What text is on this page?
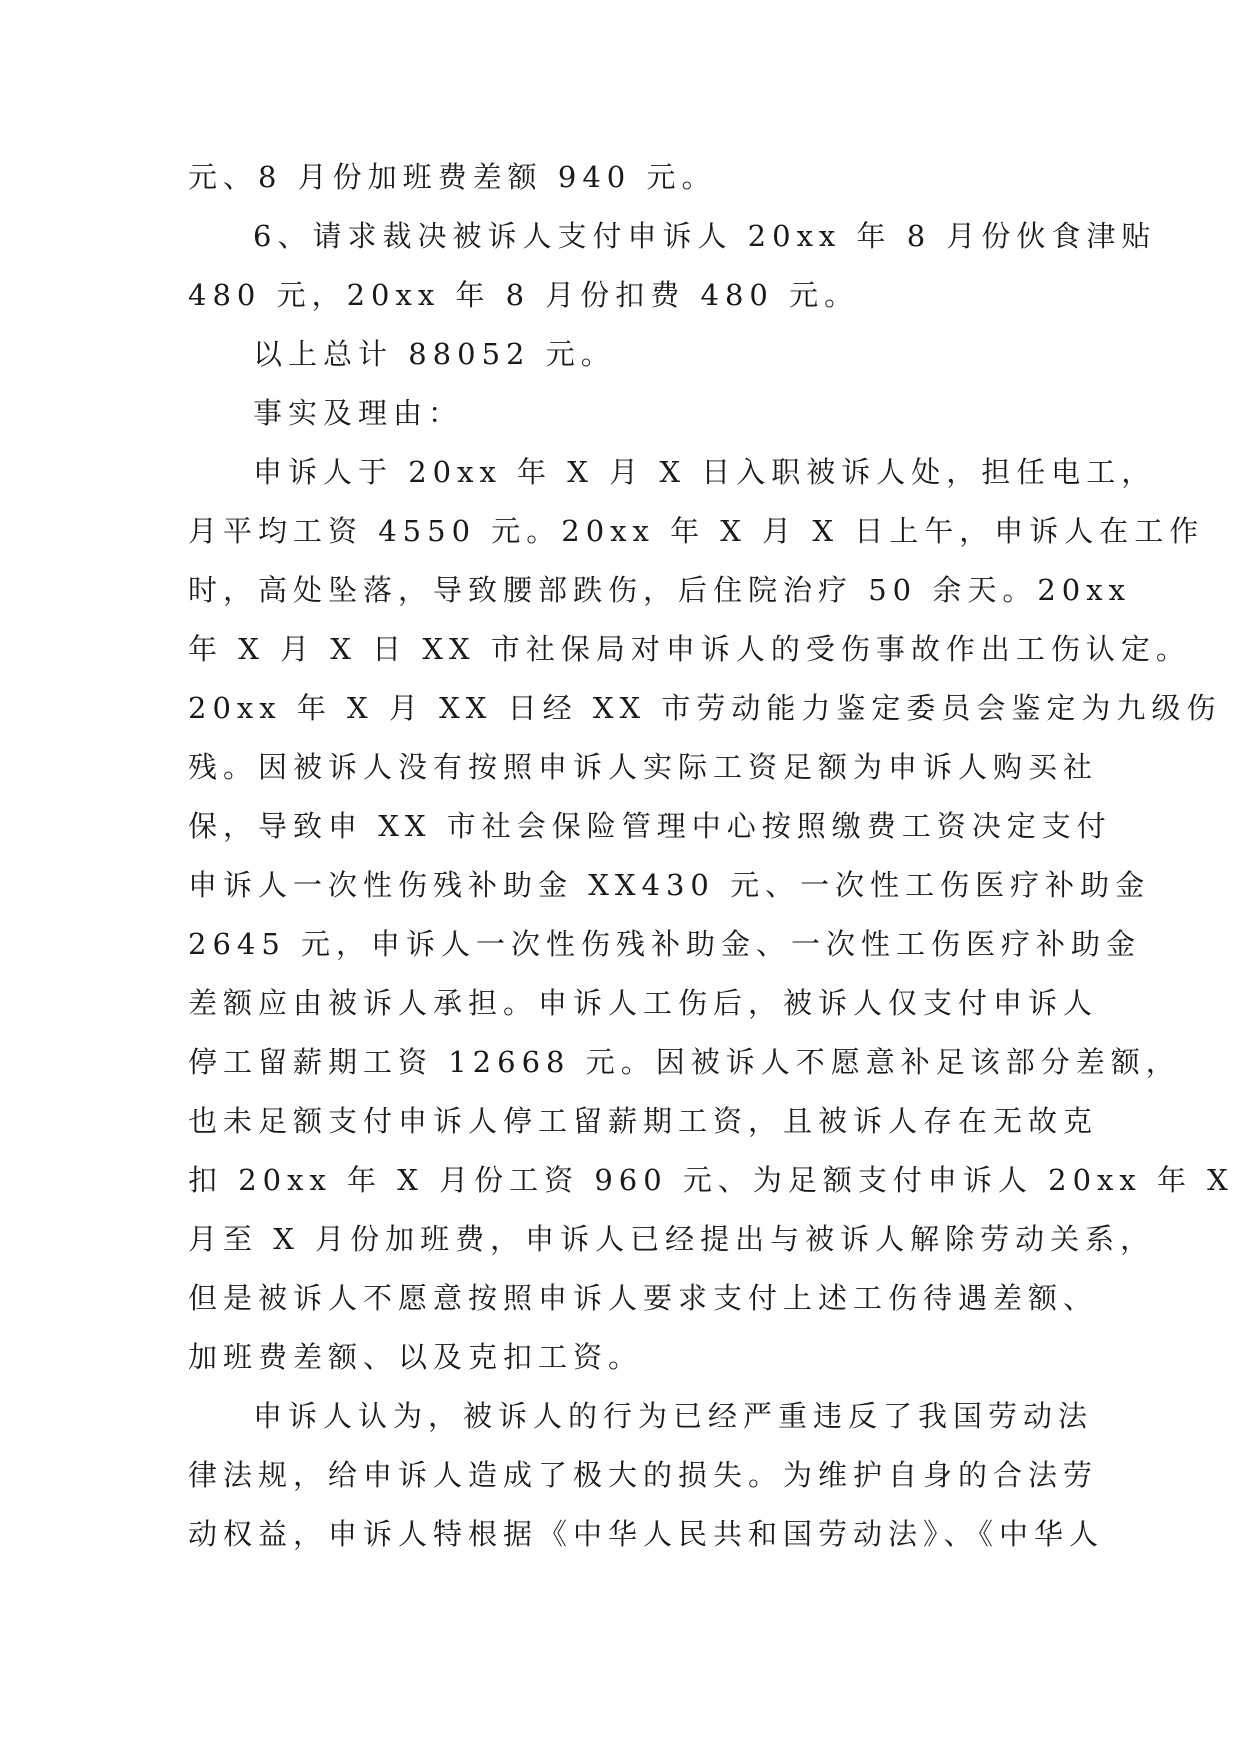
元、8 月份加班费差额 940 元。
6、请求裁决被诉人支付申诉人 20xx 年 8 月份伙食津贴
480 元，20xx 年 8 月份扣费 480 元。
以上总计 88052 元。
事实及理由：
申诉人于 20xx 年 X 月 X 日入职被诉人处，担任电工，
月平均工资 4550 元。20xx 年 X 月 X 日上午，申诉人在工作
时，高处坠落，导致腰部跌伤，后住院治疗 50 余天。20xx
年 X 月 X 日 XX 市社保局对申诉人的受伤事故作出工伤认定。
20xx 年 X 月 XX 日经 XX 市劳动能力鉴定委员会鉴定为九级伤
残。因被诉人没有按照申诉人实际工资足额为申诉人购买社
保，导致申 XX 市社会保险管理中心按照缴费工资决定支付
申诉人一次性伤残补助金 XX430 元、一次性工伤医疗补助金
2645 元，申诉人一次性伤残补助金、一次性工伤医疗补助金
差额应由被诉人承担。申诉人工伤后，被诉人仅支付申诉人
停工留薪期工资 12668 元。因被诉人不愿意补足该部分差额，
也未足额支付申诉人停工留薪期工资，且被诉人存在无故克
扣 20xx 年 X 月份工资 960 元、为足额支付申诉人 20xx 年 X
月至 X 月份加班费，申诉人已经提出与被诉人解除劳动关系，
但是被诉人不愿意按照申诉人要求支付上述工伤待遇差额、
加班费差额、以及克扣工资。
申诉人认为，被诉人的行为已经严重违反了我国劳动法
律法规，给申诉人造成了极大的损失。为维护自身的合法劳
动权益，申诉人特根据《中华人民共和国劳动法》、《中华人
